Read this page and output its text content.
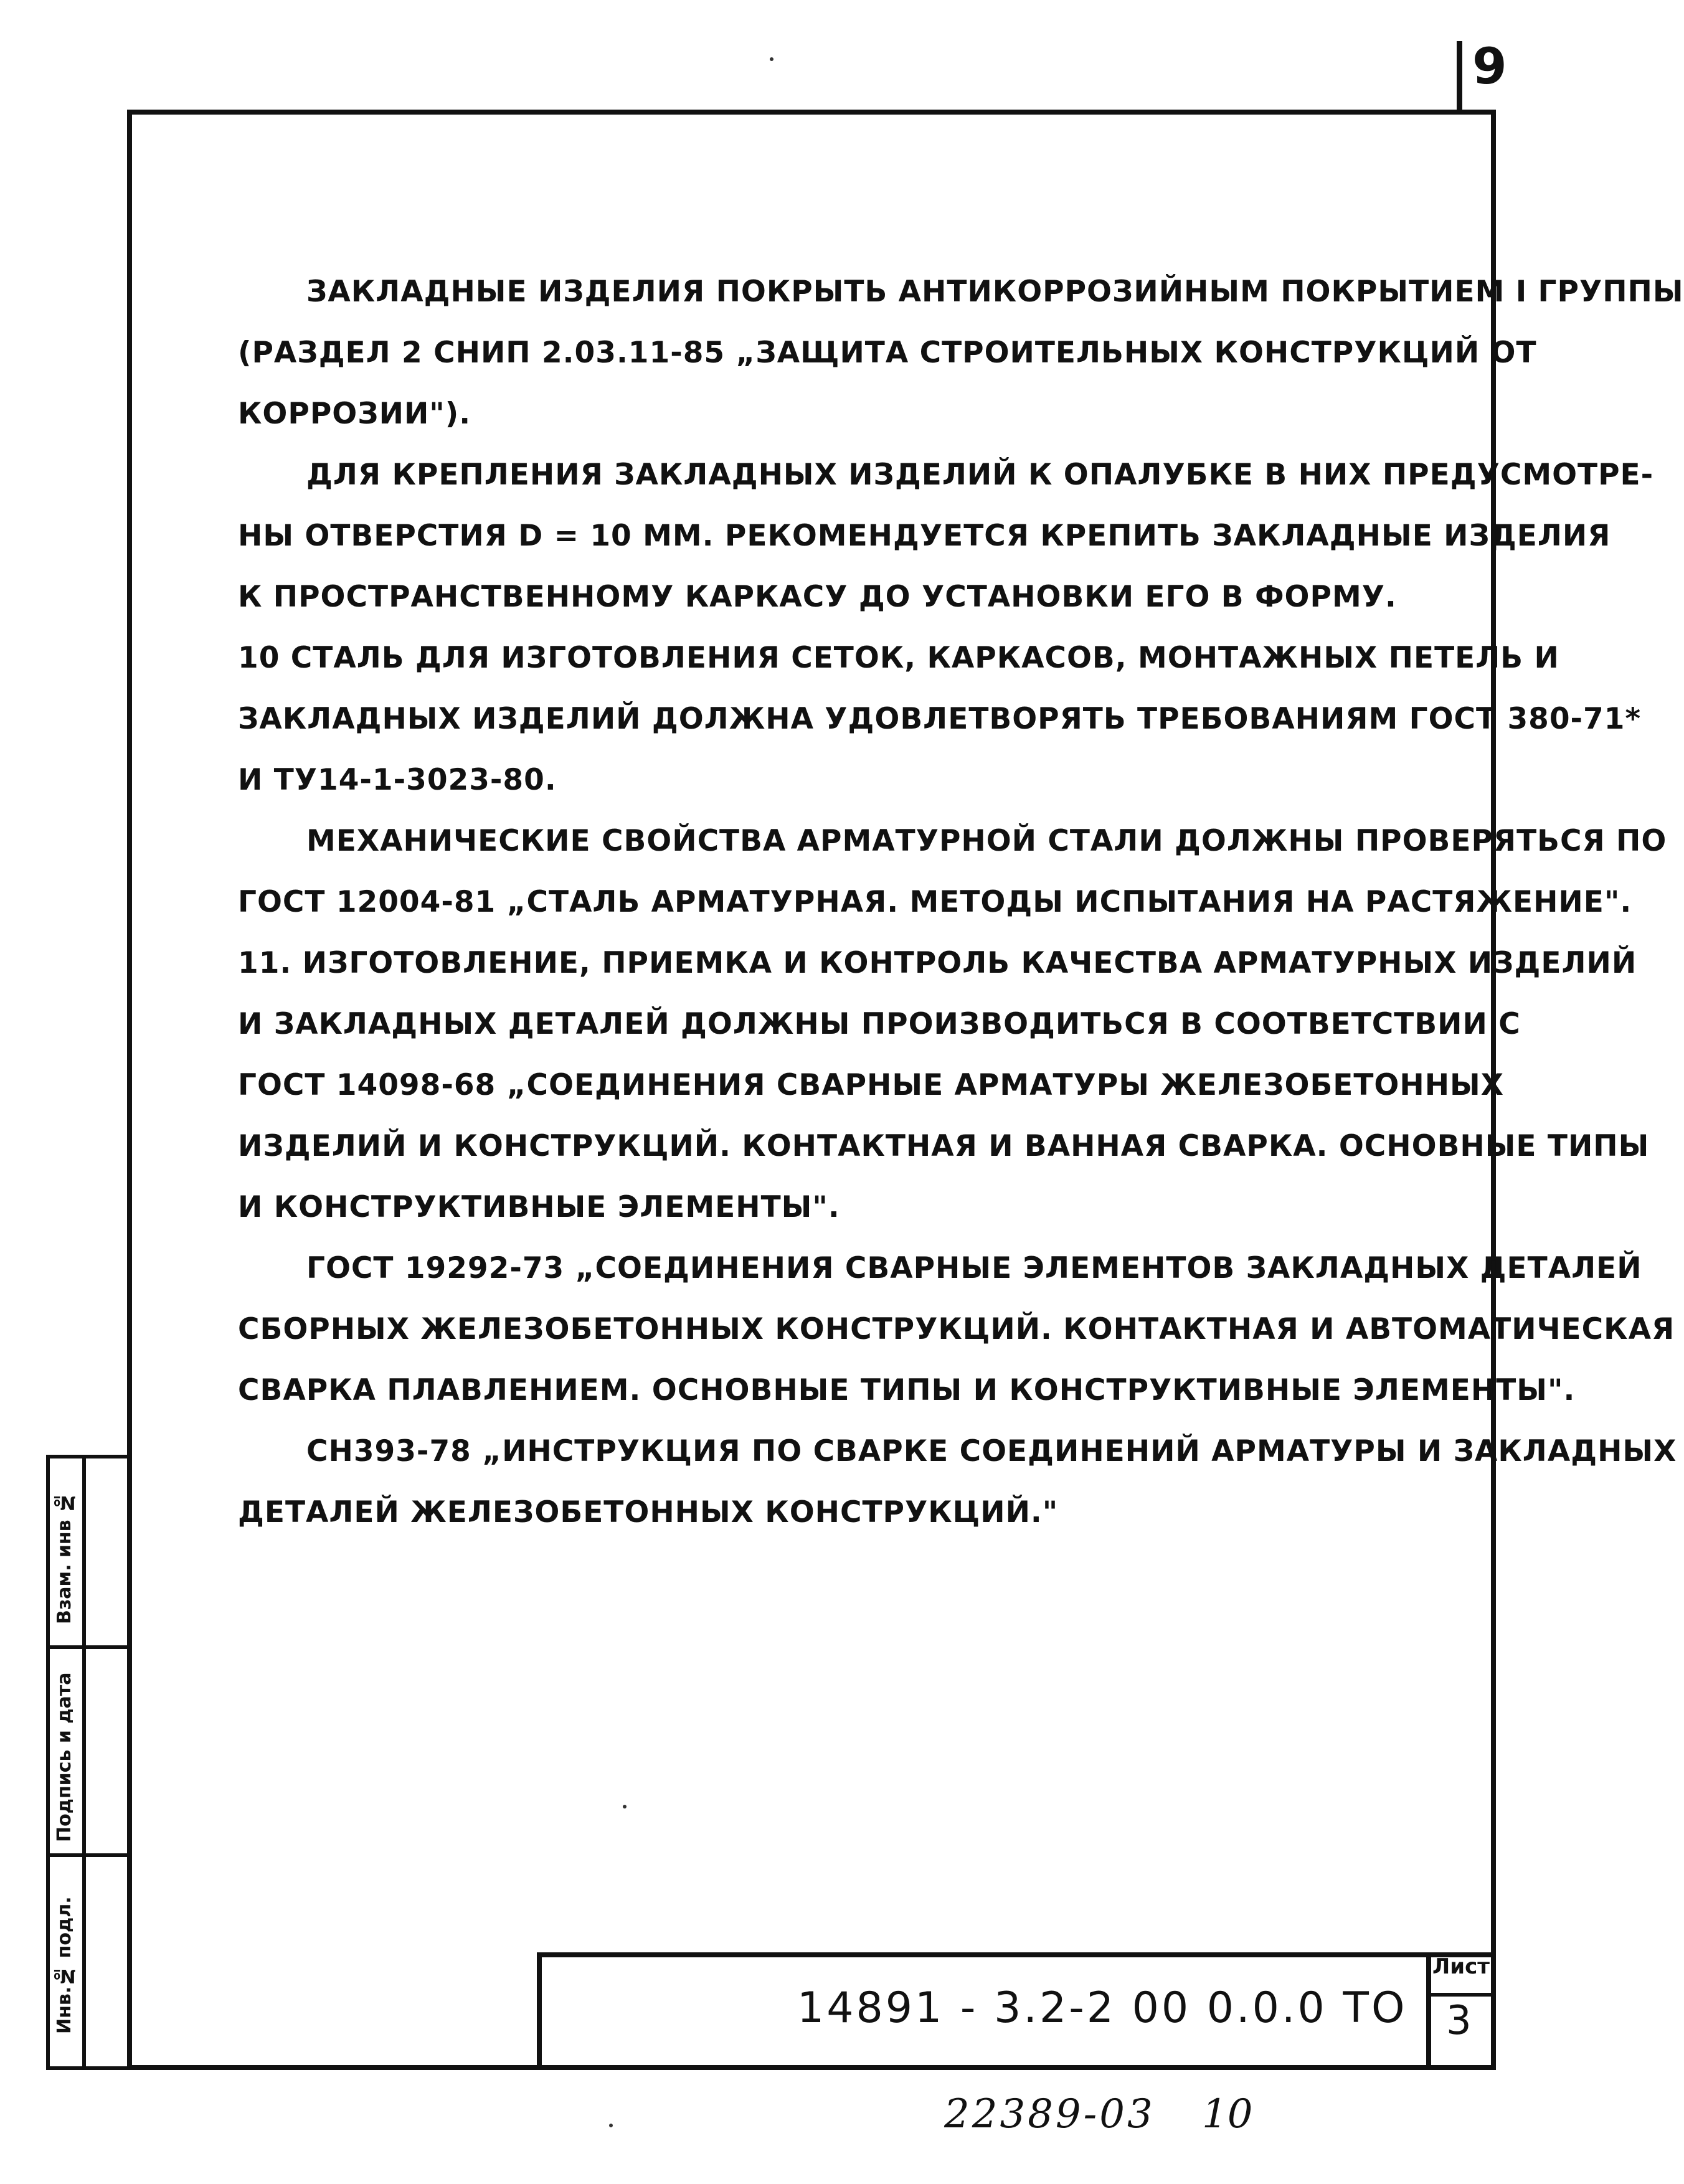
9
ЗАКЛАДНЫЕ ИЗДЕЛИЯ ПОКРЫТЬ АНТИКОРРОЗИЙНЫМ ПОКРЫТИЕМ I ГРУППЫ
(РАЗДЕЛ 2 СНИП 2.03.11-85 „ЗАЩИТА СТРОИТЕЛЬНЫХ КОНСТРУКЦИЙ ОТ
КОРРОЗИИ").
ДЛЯ КРЕПЛЕНИЯ ЗАКЛАДНЫХ ИЗДЕЛИЙ К ОПАЛУБКЕ В НИХ ПРЕДУСМОТРЕ-
НЫ ОТВЕРСТИЯ D = 10 ММ. РЕКОМЕНДУЕТСЯ КРЕПИТЬ ЗАКЛАДНЫЕ ИЗДЕЛИЯ
К ПРОСТРАНСТВЕННОМУ КАРКАСУ ДО УСТАНОВКИ ЕГО В ФОРМУ.
10 СТАЛЬ ДЛЯ ИЗГОТОВЛЕНИЯ СЕТОК, КАРКАСОВ, МОНТАЖНЫХ ПЕТЕЛЬ И
ЗАКЛАДНЫХ ИЗДЕЛИЙ ДОЛЖНА УДОВЛЕТВОРЯТЬ ТРЕБОВАНИЯМ ГОСТ 380-71*
И ТУ14-1-3023-80.
МЕХАНИЧЕСКИЕ СВОЙСТВА АРМАТУРНОЙ СТАЛИ ДОЛЖНЫ ПРОВЕРЯТЬСЯ ПО
ГОСТ 12004-81 „СТАЛЬ АРМАТУРНАЯ. МЕТОДЫ ИСПЫТАНИЯ НА РАСТЯЖЕНИЕ".
11. ИЗГОТОВЛЕНИЕ, ПРИЕМКА И КОНТРОЛЬ КАЧЕСТВА АРМАТУРНЫХ ИЗДЕЛИЙ
И ЗАКЛАДНЫХ ДЕТАЛЕЙ ДОЛЖНЫ ПРОИЗВОДИТЬСЯ В СООТВЕТСТВИИ С
ГОСТ 14098-68 „СОЕДИНЕНИЯ СВАРНЫЕ АРМАТУРЫ ЖЕЛЕЗОБЕТОННЫХ
ИЗДЕЛИЙ И КОНСТРУКЦИЙ. КОНТАКТНАЯ И ВАННАЯ СВАРКА. ОСНОВНЫЕ ТИПЫ
И КОНСТРУКТИВНЫЕ ЭЛЕМЕНТЫ".
ГОСТ 19292-73 „СОЕДИНЕНИЯ СВАРНЫЕ ЭЛЕМЕНТОВ ЗАКЛАДНЫХ ДЕТАЛЕЙ
СБОРНЫХ ЖЕЛЕЗОБЕТОННЫХ КОНСТРУКЦИЙ. КОНТАКТНАЯ И АВТОМАТИЧЕСКАЯ
СВАРКА ПЛАВЛЕНИЕМ. ОСНОВНЫЕ ТИПЫ И КОНСТРУКТИВНЫЕ ЭЛЕМЕНТЫ".
СН393-78 „ИНСТРУКЦИЯ ПО СВАРКЕ СОЕДИНЕНИЙ АРМАТУРЫ И ЗАКЛАДНЫХ
ДЕТАЛЕЙ ЖЕЛЕЗОБЕТОННЫХ КОНСТРУКЦИЙ."
Взам. инв №
Подпись и дата
Инв.№ подл.	14891 - 3.2-2 00 0.0.0 ТО
Лист
3
22389-03 10
